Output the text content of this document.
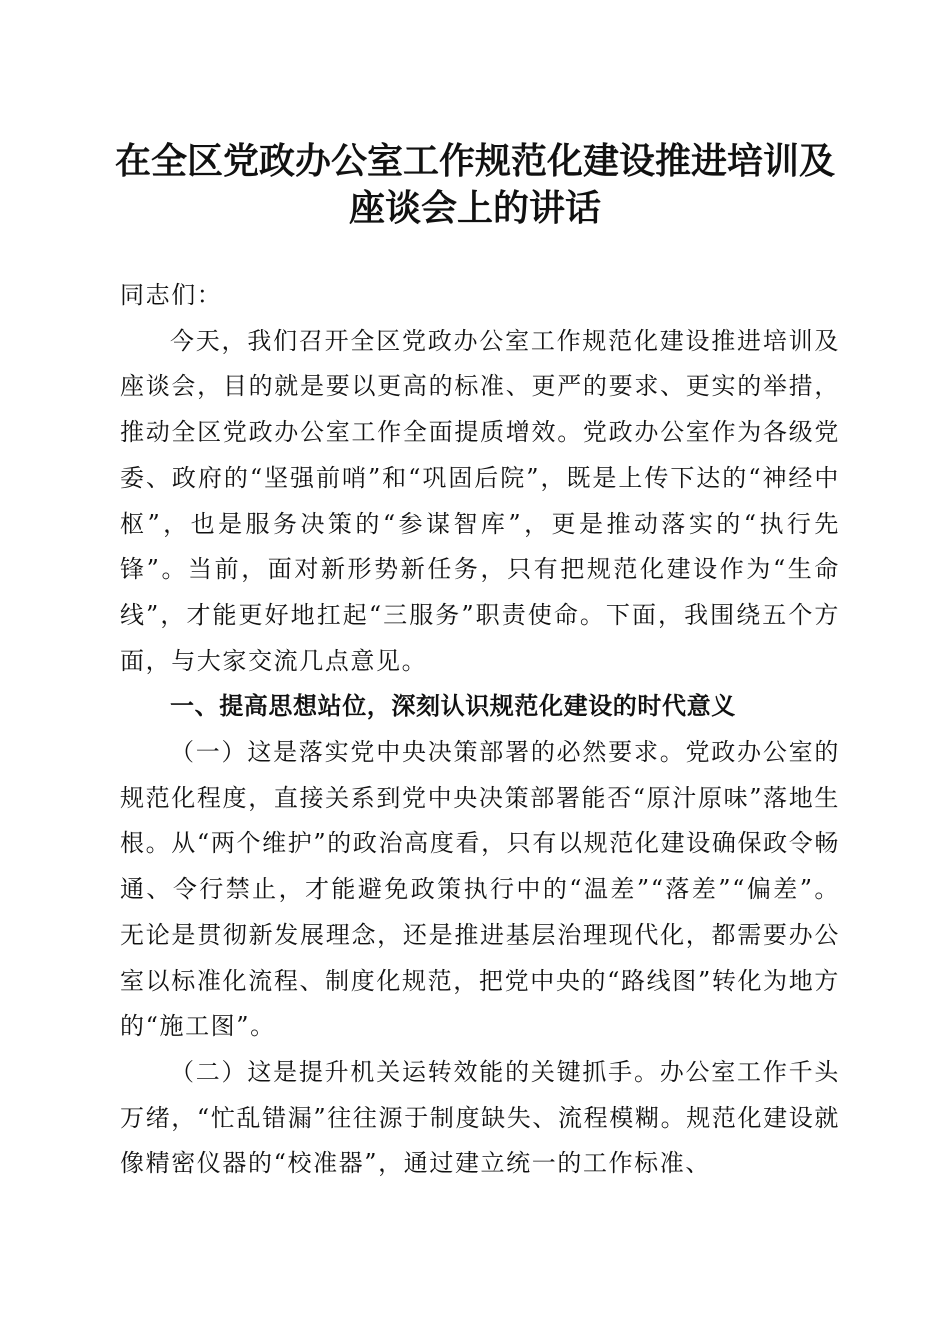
在全区党政办公室工作规范化建设推进培训及
座谈会上的讲话

同志们：

今天，我们召开全区党政办公室工作规范化建设推进培训及座谈会，目的就是要以更高的标准、更严的要求、更实的举措，推动全区党政办公室工作全面提质增效。党政办公室作为各级党委、政府的“坚强前哨”和“巩固后院”，既是上传下达的“神经中枢”，也是服务决策的“参谋智库”，更是推动落实的“执行先锋”。当前，面对新形势新任务，只有把规范化建设作为“生命线”，才能更好地扛起“三服务”职责使命。下面，我围绕五个方面，与大家交流几点意见。

一、提高思想站位，深刻认识规范化建设的时代意义

（一）这是落实党中央决策部署的必然要求。党政办公室的规范化程度，直接关系到党中央决策部署能否“原汁原味”落地生根。从“两个维护”的政治高度看，只有以规范化建设确保政令畅通、令行禁止，才能避免政策执行中的“温差”“落差”“偏差”。无论是贯彻新发展理念，还是推进基层治理现代化，都需要办公室以标准化流程、制度化规范，把党中央的“路线图”转化为地方的“施工图”。

（二）这是提升机关运转效能的关键抓手。办公室工作千头万绪，“忙乱错漏”往往源于制度缺失、流程模糊。规范化建设就像精密仪器的“校准器”，通过建立统一的工作标准、
